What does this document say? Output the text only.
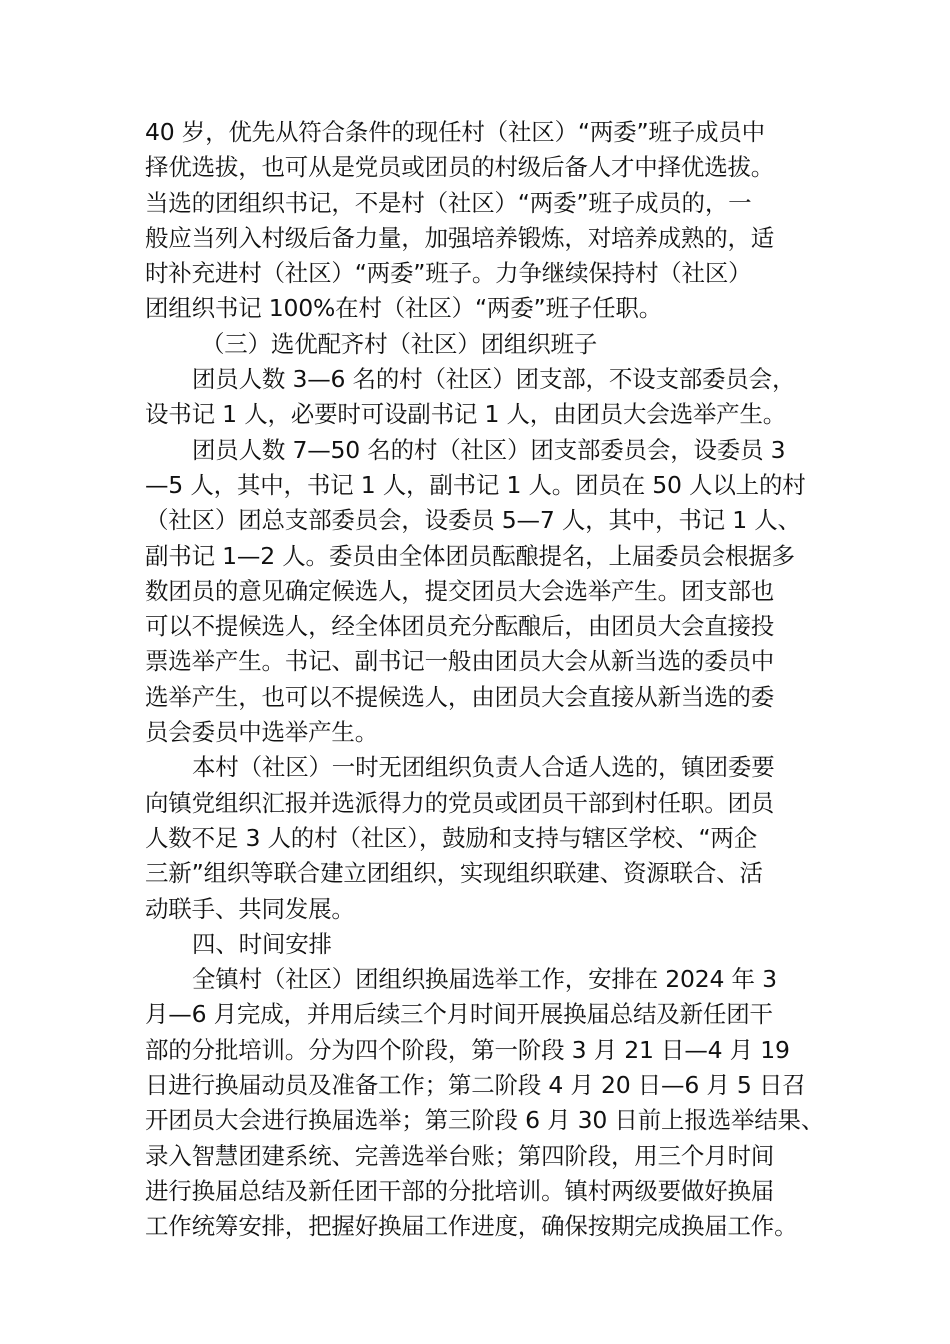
40 岁，优先从符合条件的现任村（社区）“两委”班子成员中
择优选拔，也可从是党员或团员的村级后备人才中择优选拔。
当选的团组织书记，不是村（社区）“两委”班子成员的，一
般应当列入村级后备力量，加强培养锻炼，对培养成熟的，适
时补充进村（社区）“两委”班子。力争继续保持村（社区）
团组织书记 100%在村（社区）“两委”班子任职。
（三）选优配齐村（社区）团组织班子
团员人数 3—6 名的村（社区）团支部，不设支部委员会，
设书记 1 人，必要时可设副书记 1 人，由团员大会选举产生。
团员人数 7—50 名的村（社区）团支部委员会，设委员 3
—5 人，其中，书记 1 人，副书记 1 人。团员在 50 人以上的村
（社区）团总支部委员会，设委员 5—7 人，其中，书记 1 人、
副书记 1—2 人。委员由全体团员酝酿提名，上届委员会根据多
数团员的意见确定候选人，提交团员大会选举产生。团支部也
可以不提候选人，经全体团员充分酝酿后，由团员大会直接投
票选举产生。书记、副书记一般由团员大会从新当选的委员中
选举产生，也可以不提候选人，由团员大会直接从新当选的委
员会委员中选举产生。
本村（社区）一时无团组织负责人合适人选的，镇团委要
向镇党组织汇报并选派得力的党员或团员干部到村任职。团员
人数不足 3 人的村（社区），鼓励和支持与辖区学校、“两企
三新”组织等联合建立团组织，实现组织联建、资源联合、活
动联手、共同发展。
四、时间安排
全镇村（社区）团组织换届选举工作，安排在 2024 年 3
月—6 月完成，并用后续三个月时间开展换届总结及新任团干
部的分批培训。分为四个阶段，第一阶段 3 月 21 日—4 月 19
日进行换届动员及准备工作；第二阶段 4 月 20 日—6 月 5 日召
开团员大会进行换届选举；第三阶段 6 月 30 日前上报选举结果、
录入智慧团建系统、完善选举台账；第四阶段，用三个月时间
进行换届总结及新任团干部的分批培训。镇村两级要做好换届
工作统筹安排，把握好换届工作进度，确保按期完成换届工作。
